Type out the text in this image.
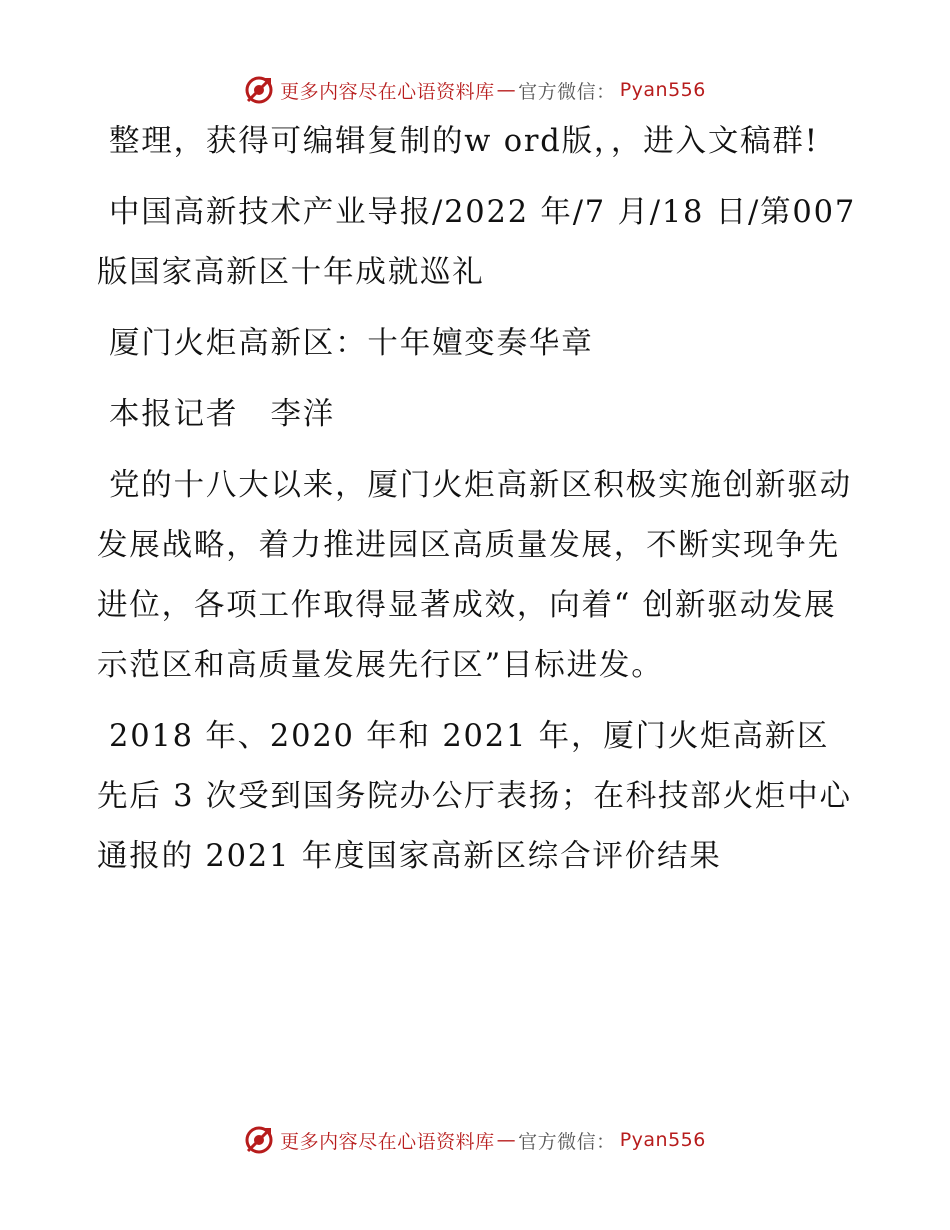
更多内容尽在心语资料库 — 官方微信： Pyan556

整理，获得可编辑复制的w ord版，，进入文稿群!

中国高新技术产业导报/2022 年/7 月/18 日/第007 版国家高新区十年成就巡礼

厦门火炬高新区：十年嬗变奏华章

本报记者　李洋

党的十八大以来，厦门火炬高新区积极实施创新驱动发展战略，着力推进园区高质量发展，不断实现争先进位，各项工作取得显著成效，向着“ 创新驱动发展示范区和高质量发展先行区”目标进发。

2018 年、2020 年和 2021 年，厦门火炬高新区先后 3 次受到国务院办公厅表扬；在科技部火炬中心通报的 2021 年度国家高新区综合评价结果

更多内容尽在心语资料库 — 官方微信： Pyan556
